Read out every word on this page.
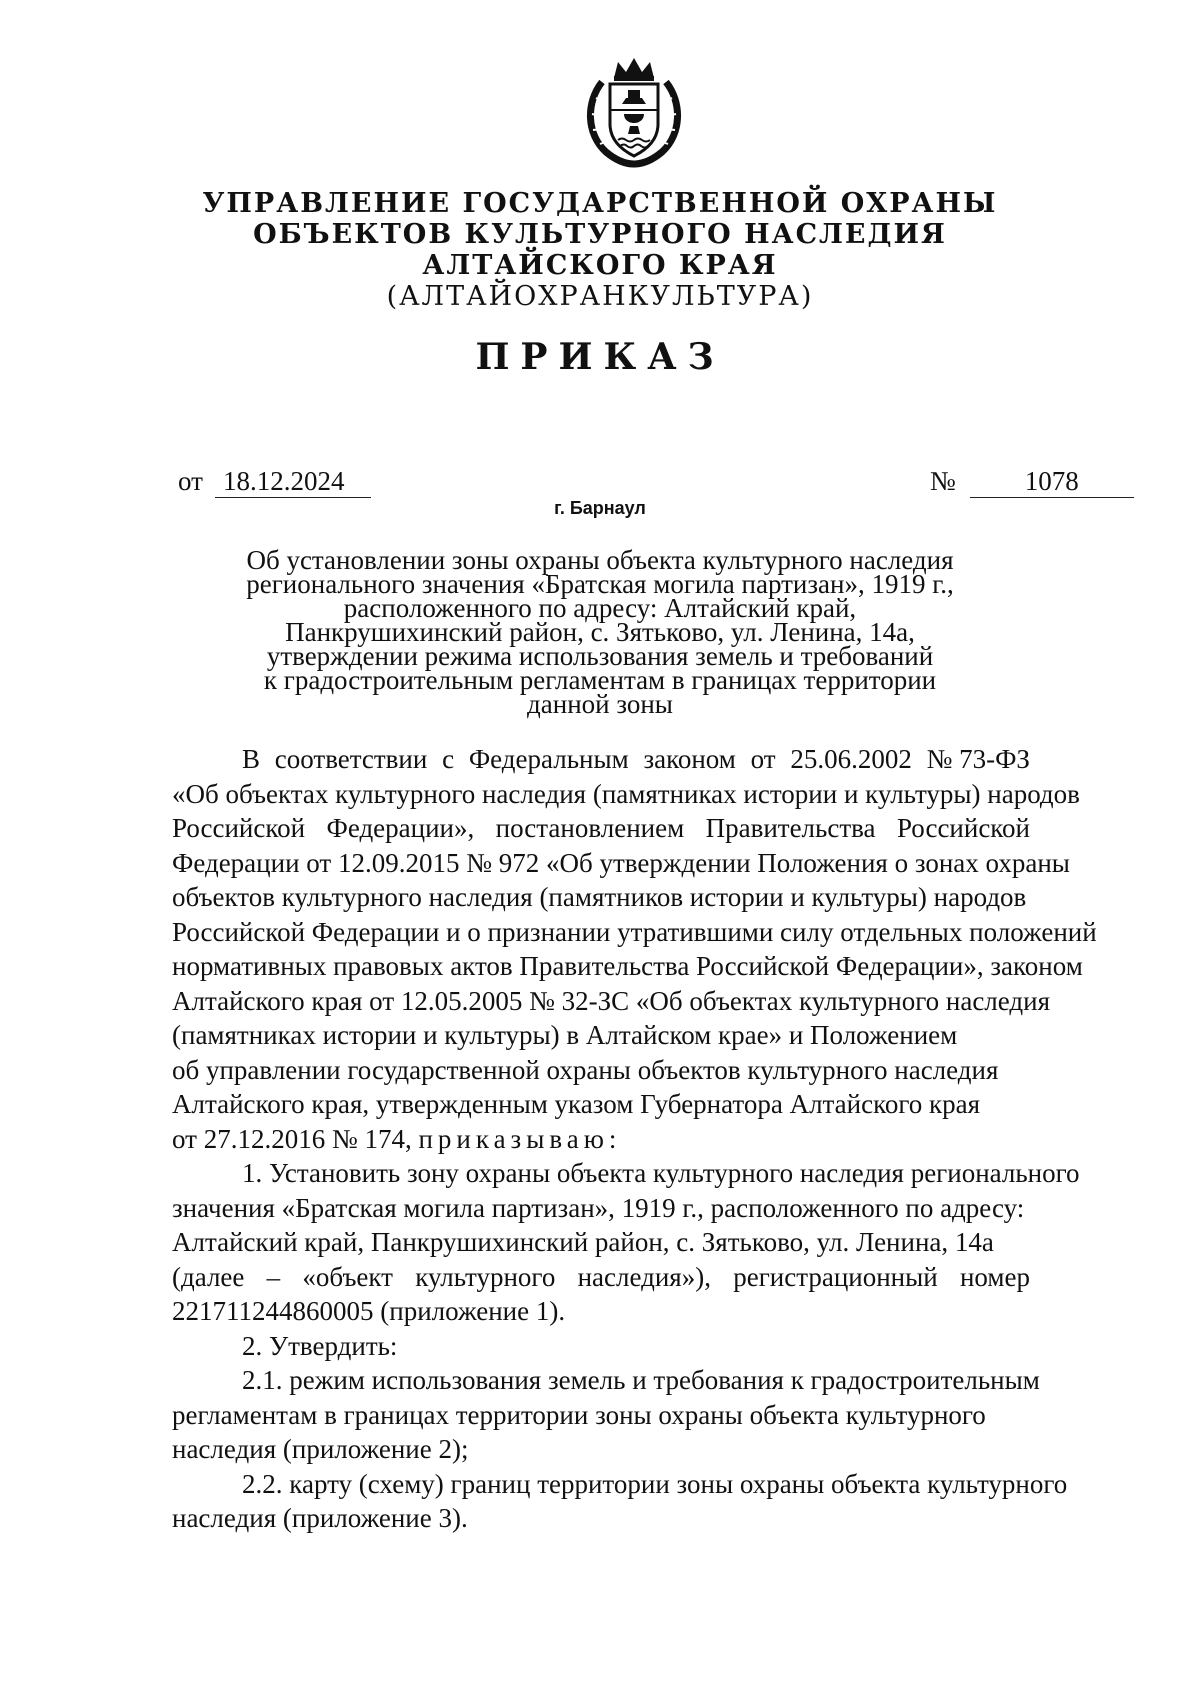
УПРАВЛЕНИЕ ГОСУДАРСТВЕННОЙ ОХРАНЫ
ОБЪЕКТОВ КУЛЬТУРНОГО НАСЛЕДИЯ
АЛТАЙСКОГО КРАЯ
(АЛТАЙОХРАНКУЛЬТУРА)
ПРИКАЗ
от 18.12.2024	№	1078
г. Барнаул
Об установлении зоны охраны объекта культурного наследия
регионального значения «Братская могила партизан», 1919 г.,
расположенного по адресу: Алтайский край,
Панкрушихинский район, с. Зятьково, ул. Ленина, 14а,
утверждении режима использования земель и требований
к градостроительным регламентам в границах территории
данной зоны
В соответствии с Федеральным законом от 25.06.2002 № 73-ФЗ
«Об объектах культурного наследия (памятниках истории и культуры) народов
Российской Федерации», постановлением Правительства Российской
Федерации от 12.09.2015 № 972 «Об утверждении Положения о зонах охраны
объектов культурного наследия (памятников истории и культуры) народов
Российской Федерации и о признании утратившими силу отдельных положений
нормативных правовых актов Правительства Российской Федерации», законом
Алтайского края от 12.05.2005 № 32-ЗС «Об объектах культурного наследия
(памятниках истории и культуры) в Алтайском крае» и Положением
об управлении государственной охраны объектов культурного наследия
Алтайского края, утвержденным указом Губернатора Алтайского края
от 27.12.2016 № 174, приказываю:
1. Установить зону охраны объекта культурного наследия регионального
значения «Братская могила партизан», 1919 г., расположенного по адресу:
Алтайский край, Панкрушихинский район, с. Зятьково, ул. Ленина, 14а
(далее – «объект культурного наследия»), регистрационный номер
221711244860005 (приложение 1).
2. Утвердить:
2.1. режим использования земель и требования к градостроительным
регламентам в границах территории зоны охраны объекта культурного
наследия (приложение 2);
2.2. карту (схему) границ территории зоны охраны объекта культурного
наследия (приложение 3).
